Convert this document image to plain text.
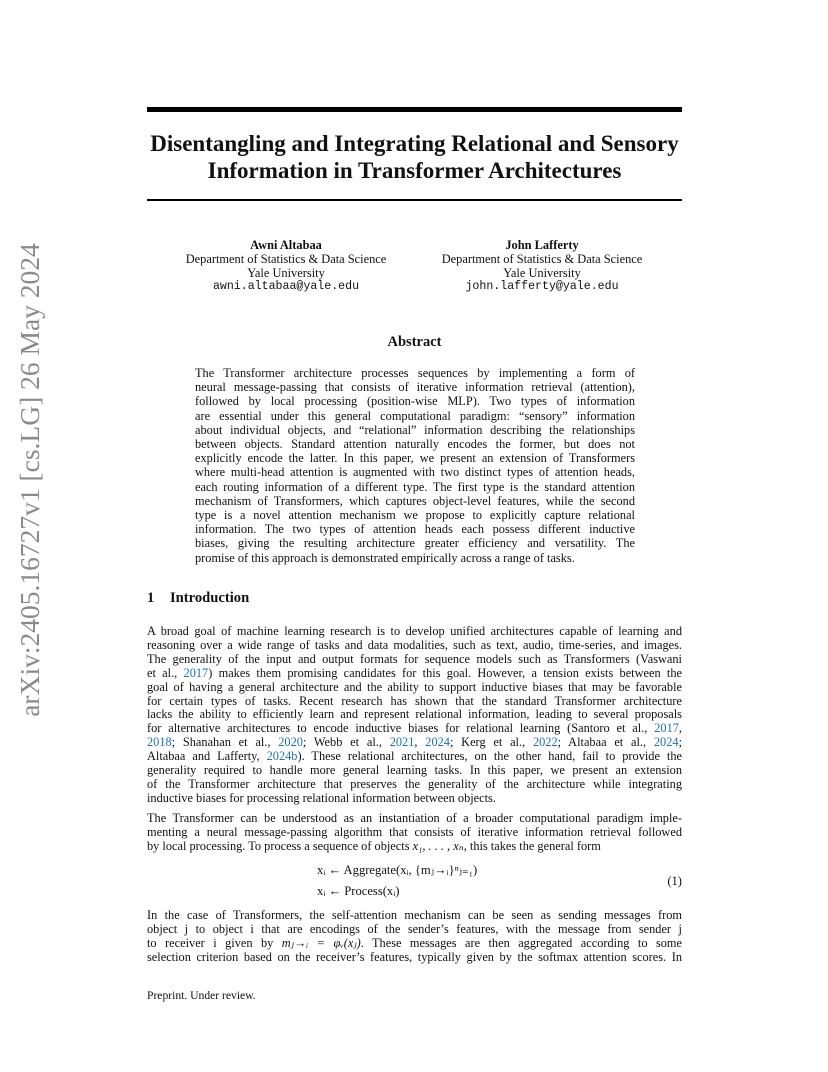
arXiv:2405.16727v1 [cs.LG] 26 May 2024
Disentangling and Integrating Relational and Sensory
Information in Transformer Architectures
Awni Altabaa
Department of Statistics & Data Science
Yale University
awni.altabaa@yale.edu
John Lafferty
Department of Statistics & Data Science
Yale University
john.lafferty@yale.edu
Abstract
The Transformer architecture processes sequences by implementing a form of
neural message-passing that consists of iterative information retrieval (attention),
followed by local processing (position-wise MLP). Two types of information
are essential under this general computational paradigm: “sensory” information
about individual objects, and “relational” information describing the relationships
between objects. Standard attention naturally encodes the former, but does not
explicitly encode the latter. In this paper, we present an extension of Transformers
where multi-head attention is augmented with two distinct types of attention heads,
each routing information of a different type. The first type is the standard attention
mechanism of Transformers, which captures object-level features, while the second
type is a novel attention mechanism we propose to explicitly capture relational
information. The two types of attention heads each possess different inductive
biases, giving the resulting architecture greater efficiency and versatility. The
promise of this approach is demonstrated empirically across a range of tasks.
1 Introduction
A broad goal of machine learning research is to develop unified architectures capable of learning and
reasoning over a wide range of tasks and data modalities, such as text, audio, time-series, and images.
The generality of the input and output formats for sequence models such as Transformers (Vaswani
et al., 2017) makes them promising candidates for this goal. However, a tension exists between the
goal of having a general architecture and the ability to support inductive biases that may be favorable
for certain types of tasks. Recent research has shown that the standard Transformer architecture
lacks the ability to efficiently learn and represent relational information, leading to several proposals
for alternative architectures to encode inductive biases for relational learning (Santoro et al., 2017,
2018; Shanahan et al., 2020; Webb et al., 2021, 2024; Kerg et al., 2022; Altabaa et al., 2024;
Altabaa and Lafferty, 2024b). These relational architectures, on the other hand, fail to provide the
generality required to handle more general learning tasks. In this paper, we present an extension
of the Transformer architecture that preserves the generality of the architecture while integrating
inductive biases for processing relational information between objects.
The Transformer can be understood as an instantiation of a broader computational paradigm imple-
menting a neural message-passing algorithm that consists of iterative information retrieval followed
by local processing. To process a sequence of objects x₁, . . . , xₙ, this takes the general form
xᵢ ← Aggregate(xᵢ, {mⱼ→ᵢ}ⁿⱼ₌₁)
xᵢ ← Process(xᵢ)
(1)
In the case of Transformers, the self-attention mechanism can be seen as sending messages from
object j to object i that are encodings of the sender’s features, with the message from sender j
to receiver i given by mⱼ→ᵢ = φᵥ(xⱼ). These messages are then aggregated according to some
selection criterion based on the receiver’s features, typically given by the softmax attention scores. In
Preprint. Under review.
